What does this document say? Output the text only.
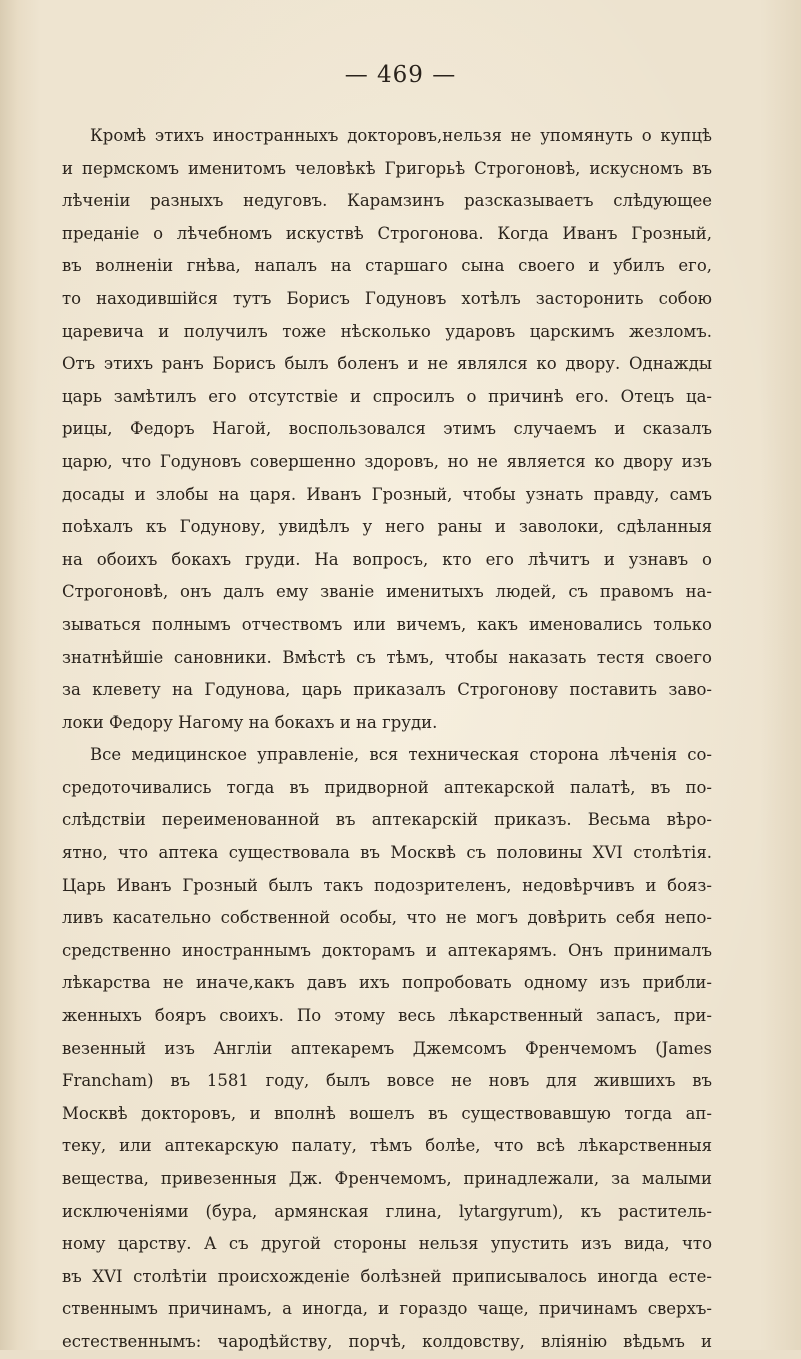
— 469 —
Кромѣ этихъ иностранныхъ докторовъ,нельзя не упомянуть о купцѣ
и пермскомъ именитомъ человѣкѣ Григорьѣ Строгоновѣ, искусномъ въ
лѣченіи разныхъ недуговъ. Карамзинъ разсказываетъ слѣдующее
преданіе о лѣчебномъ искуствѣ Строгонова. Когда Иванъ Грозный,
въ волненіи гнѣва, напалъ на старшаго сына своего и убилъ его,
то находившійся тутъ Борисъ Годуновъ хотѣлъ засторонить собою
царевича и получилъ тоже нѣсколько ударовъ царскимъ жезломъ.
Отъ этихъ ранъ Борисъ былъ боленъ и не являлся ко двору. Однажды
царь замѣтилъ его отсутствіе и спросилъ о причинѣ его. Отецъ ца-
рицы, Федоръ Нагой, воспользовался этимъ случаемъ и сказалъ
царю, что Годуновъ совершенно здоровъ, но не является ко двору изъ
досады и злобы на царя. Иванъ Грозный, чтобы узнать правду, самъ
поѣхалъ къ Годунову, увидѣлъ у него раны и заволоки, сдѣланныя
на обоихъ бокахъ груди. На вопросъ, кто его лѣчитъ и узнавъ о
Строгоновѣ, онъ далъ ему званіе именитыхъ людей, съ правомъ на-
зываться полнымъ отчествомъ или вичемъ, какъ именовались только
знатнѣйшіе сановники. Вмѣстѣ съ тѣмъ, чтобы наказать тестя своего
за клевету на Годунова, царь приказалъ Строгонову поставить заво-
локи Федору Нагому на бокахъ и на груди.
Все медицинское управленіе, вся техническая сторона лѣченія со-
средоточивались тогда въ придворной аптекарской палатѣ, въ по-
слѣдствіи переименованной въ аптекарскій приказъ. Весьма вѣро-
ятно, что аптека существовала въ Москвѣ съ половины XVI столѣтія.
Царь Иванъ Грозный былъ такъ подозрителенъ, недовѣрчивъ и бояз-
ливъ касательно собственной особы, что не могъ довѣрить себя непо-
средственно иностраннымъ докторамъ и аптекарямъ. Онъ принималъ
лѣкарства не иначе,какъ давъ ихъ попробовать одному изъ прибли-
женныхъ бояръ своихъ. По этому весь лѣкарственный запасъ, при-
везенный изъ Англіи аптекаремъ Джемсомъ Френчемомъ (James
Francham) въ 1581 году, былъ вовсе не новъ для жившихъ въ
Москвѣ докторовъ, и вполнѣ вошелъ въ существовавшую тогда ап-
теку, или аптекарскую палату, тѣмъ болѣе, что всѣ лѣкарственныя
вещества, привезенныя Дж. Френчемомъ, принадлежали, за малыми
исключеніями (бура, армянская глина, lytargyrum), къ раститель-
ному царству. А съ другой стороны нельзя упустить изъ вида, что
въ XVI столѣтіи происхожденіе болѣзней приписывалось иногда есте-
ственнымъ причинамъ, а иногда, и гораздо чаще, причинамъ сверхъ-
естественнымъ: чародѣйству, порчѣ, колдовству, вліянію вѣдьмъ и
